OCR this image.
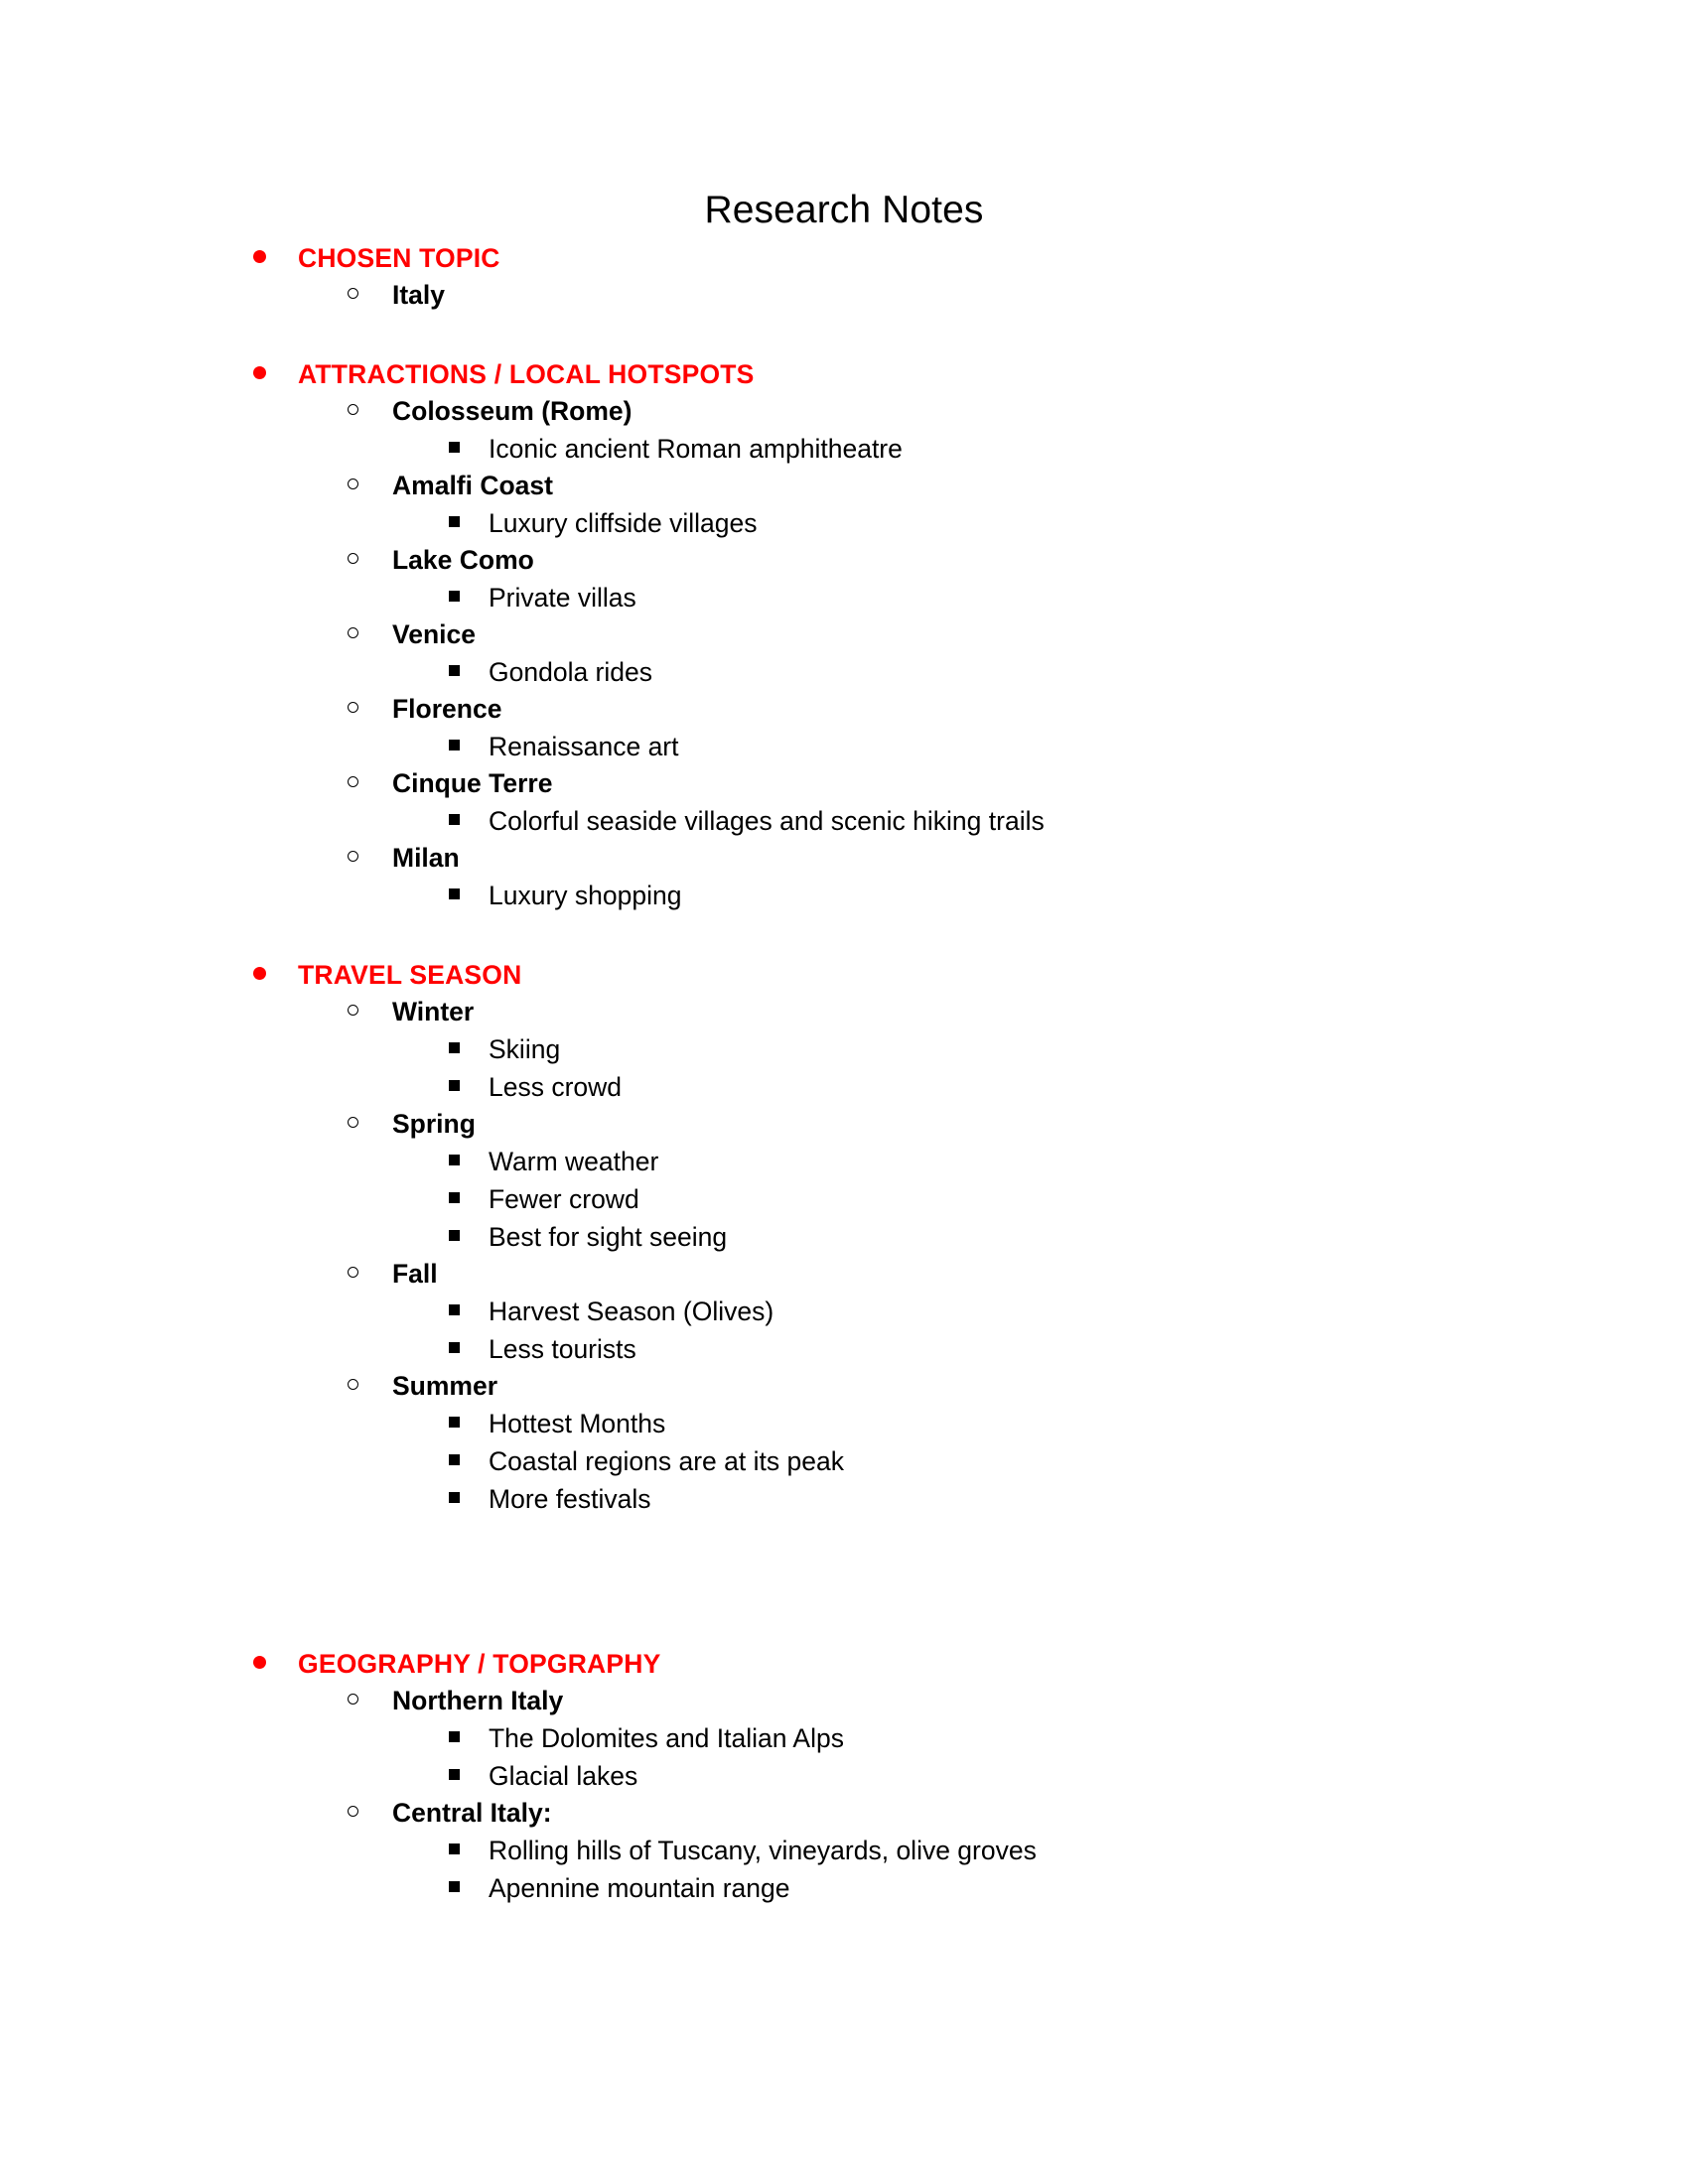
Research Notes
CHOSEN TOPIC
Italy
ATTRACTIONS / LOCAL HOTSPOTS
Colosseum (Rome)
Iconic ancient Roman amphitheatre
Amalfi Coast
Luxury cliffside villages
Lake Como
Private villas
Venice
Gondola rides
Florence
Renaissance art
Cinque Terre
Colorful seaside villages and scenic hiking trails
Milan
Luxury shopping
TRAVEL SEASON
Winter
Skiing
Less crowd
Spring
Warm weather
Fewer crowd
Best for sight seeing
Fall
Harvest Season (Olives)
Less tourists
Summer
Hottest Months
Coastal regions are at its peak
More festivals
GEOGRAPHY / TOPGRAPHY
Northern Italy
The Dolomites and Italian Alps
Glacial lakes
Central Italy:
Rolling hills of Tuscany, vineyards, olive groves
Apennine mountain range
